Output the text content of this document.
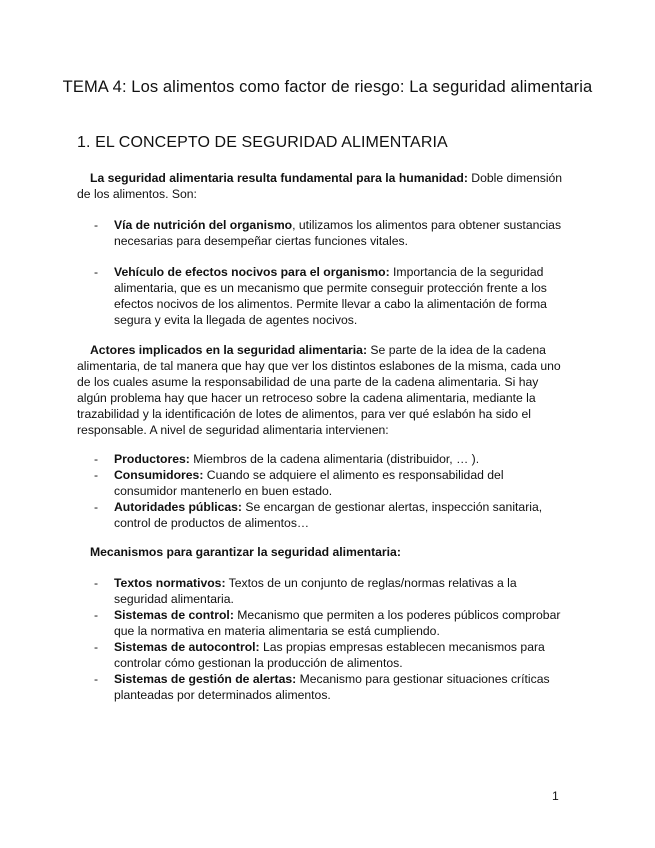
TEMA 4: Los alimentos como factor de riesgo: La seguridad alimentaria
1. EL CONCEPTO DE SEGURIDAD ALIMENTARIA
La seguridad alimentaria resulta fundamental para la humanidad: Doble dimensión de los alimentos. Son:
- Vía de nutrición del organismo, utilizamos los alimentos para obtener sustancias necesarias para desempeñar ciertas funciones vitales.
- Vehículo de efectos nocivos para el organismo: Importancia de la seguridad alimentaria, que es un mecanismo que permite conseguir protección frente a los efectos nocivos de los alimentos. Permite llevar a cabo la alimentación de forma segura y evita la llegada de agentes nocivos.
Actores implicados en la seguridad alimentaria: Se parte de la idea de la cadena alimentaria, de tal manera que hay que ver los distintos eslabones de la misma, cada uno de los cuales asume la responsabilidad de una parte de la cadena alimentaria. Si hay algún problema hay que hacer un retroceso sobre la cadena alimentaria, mediante la trazabilidad y la identificación de lotes de alimentos, para ver qué eslabón ha sido el responsable. A nivel de seguridad alimentaria intervienen:
- Productores: Miembros de la cadena alimentaria (distribuidor, … ).
- Consumidores: Cuando se adquiere el alimento es responsabilidad del consumidor mantenerlo en buen estado.
- Autoridades públicas: Se encargan de gestionar alertas, inspección sanitaria, control de productos de alimentos…
Mecanismos para garantizar la seguridad alimentaria:
- Textos normativos: Textos de un conjunto de reglas/normas relativas a la seguridad alimentaria.
- Sistemas de control: Mecanismo que permiten a los poderes públicos comprobar que la normativa en materia alimentaria se está cumpliendo.
- Sistemas de autocontrol: Las propias empresas establecen mecanismos para controlar cómo gestionan la producción de alimentos.
- Sistemas de gestión de alertas: Mecanismo para gestionar situaciones críticas planteadas por determinados alimentos.
1
